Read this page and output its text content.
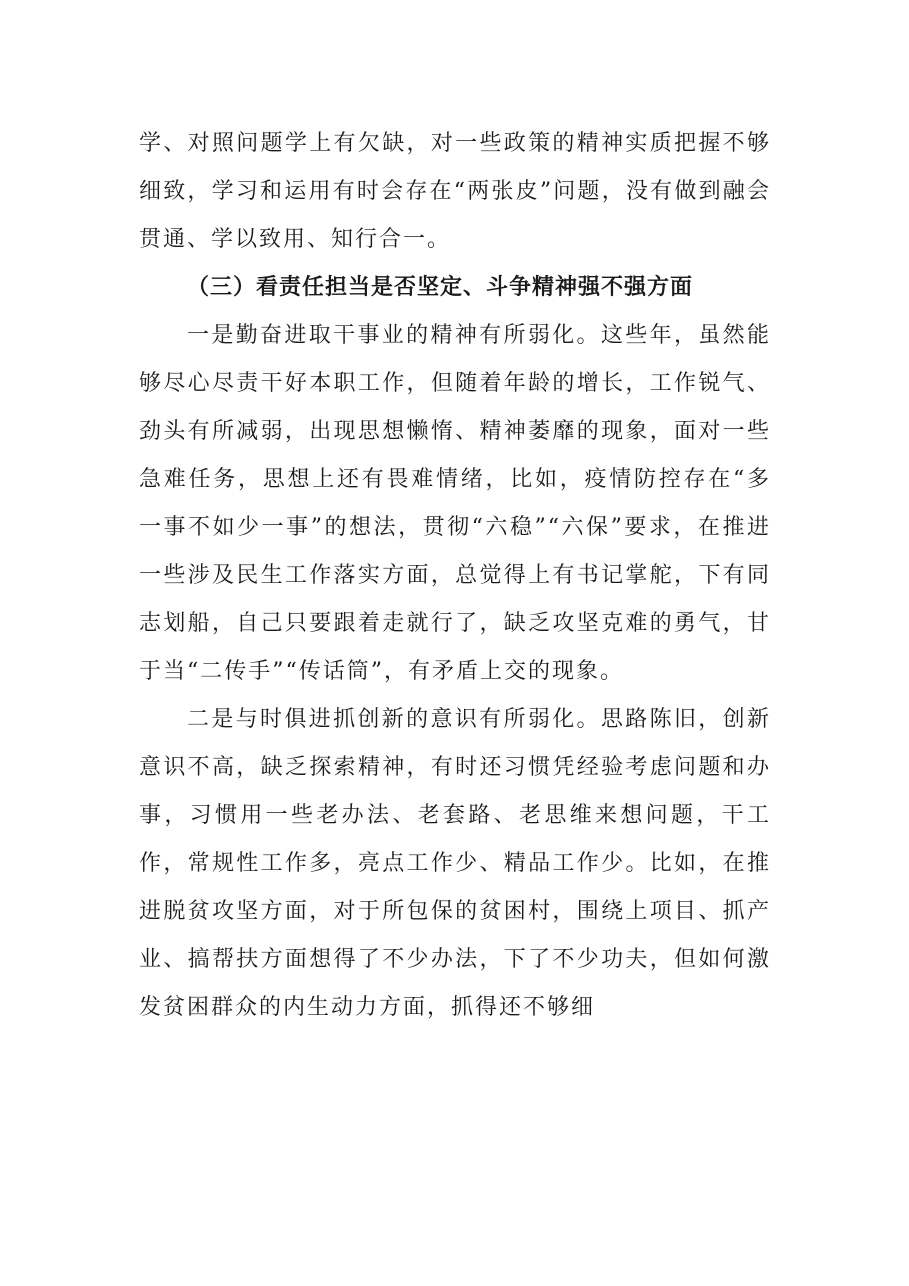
学、对照问题学上有欠缺，对一些政策的精神实质把握不够细致，学习和运用有时会存在“两张皮”问题，没有做到融会贯通、学以致用、知行合一。

（三）看责任担当是否坚定、斗争精神强不强方面

一是勤奋进取干事业的精神有所弱化。这些年，虽然能够尽心尽责干好本职工作，但随着年龄的增长，工作锐气、劲头有所减弱，出现思想懒惰、精神萎靡的现象，面对一些急难任务，思想上还有畏难情绪，比如，疫情防控存在“多一事不如少一事”的想法，贯彻“六稳”“六保”要求，在推进一些涉及民生工作落实方面，总觉得上有书记掌舵，下有同志划船，自己只要跟着走就行了，缺乏攻坚克难的勇气，甘于当“二传手”“传话筒”，有矛盾上交的现象。

二是与时俱进抓创新的意识有所弱化。思路陈旧，创新意识不高，缺乏探索精神，有时还习惯凭经验考虑问题和办事，习惯用一些老办法、老套路、老思维来想问题，干工作，常规性工作多，亮点工作少、精品工作少。比如，在推进脱贫攻坚方面，对于所包保的贫困村，围绕上项目、抓产业、搞帮扶方面想得了不少办法，下了不少功夫，但如何激发贫困群众的内生动力方面，抓得还不够细
